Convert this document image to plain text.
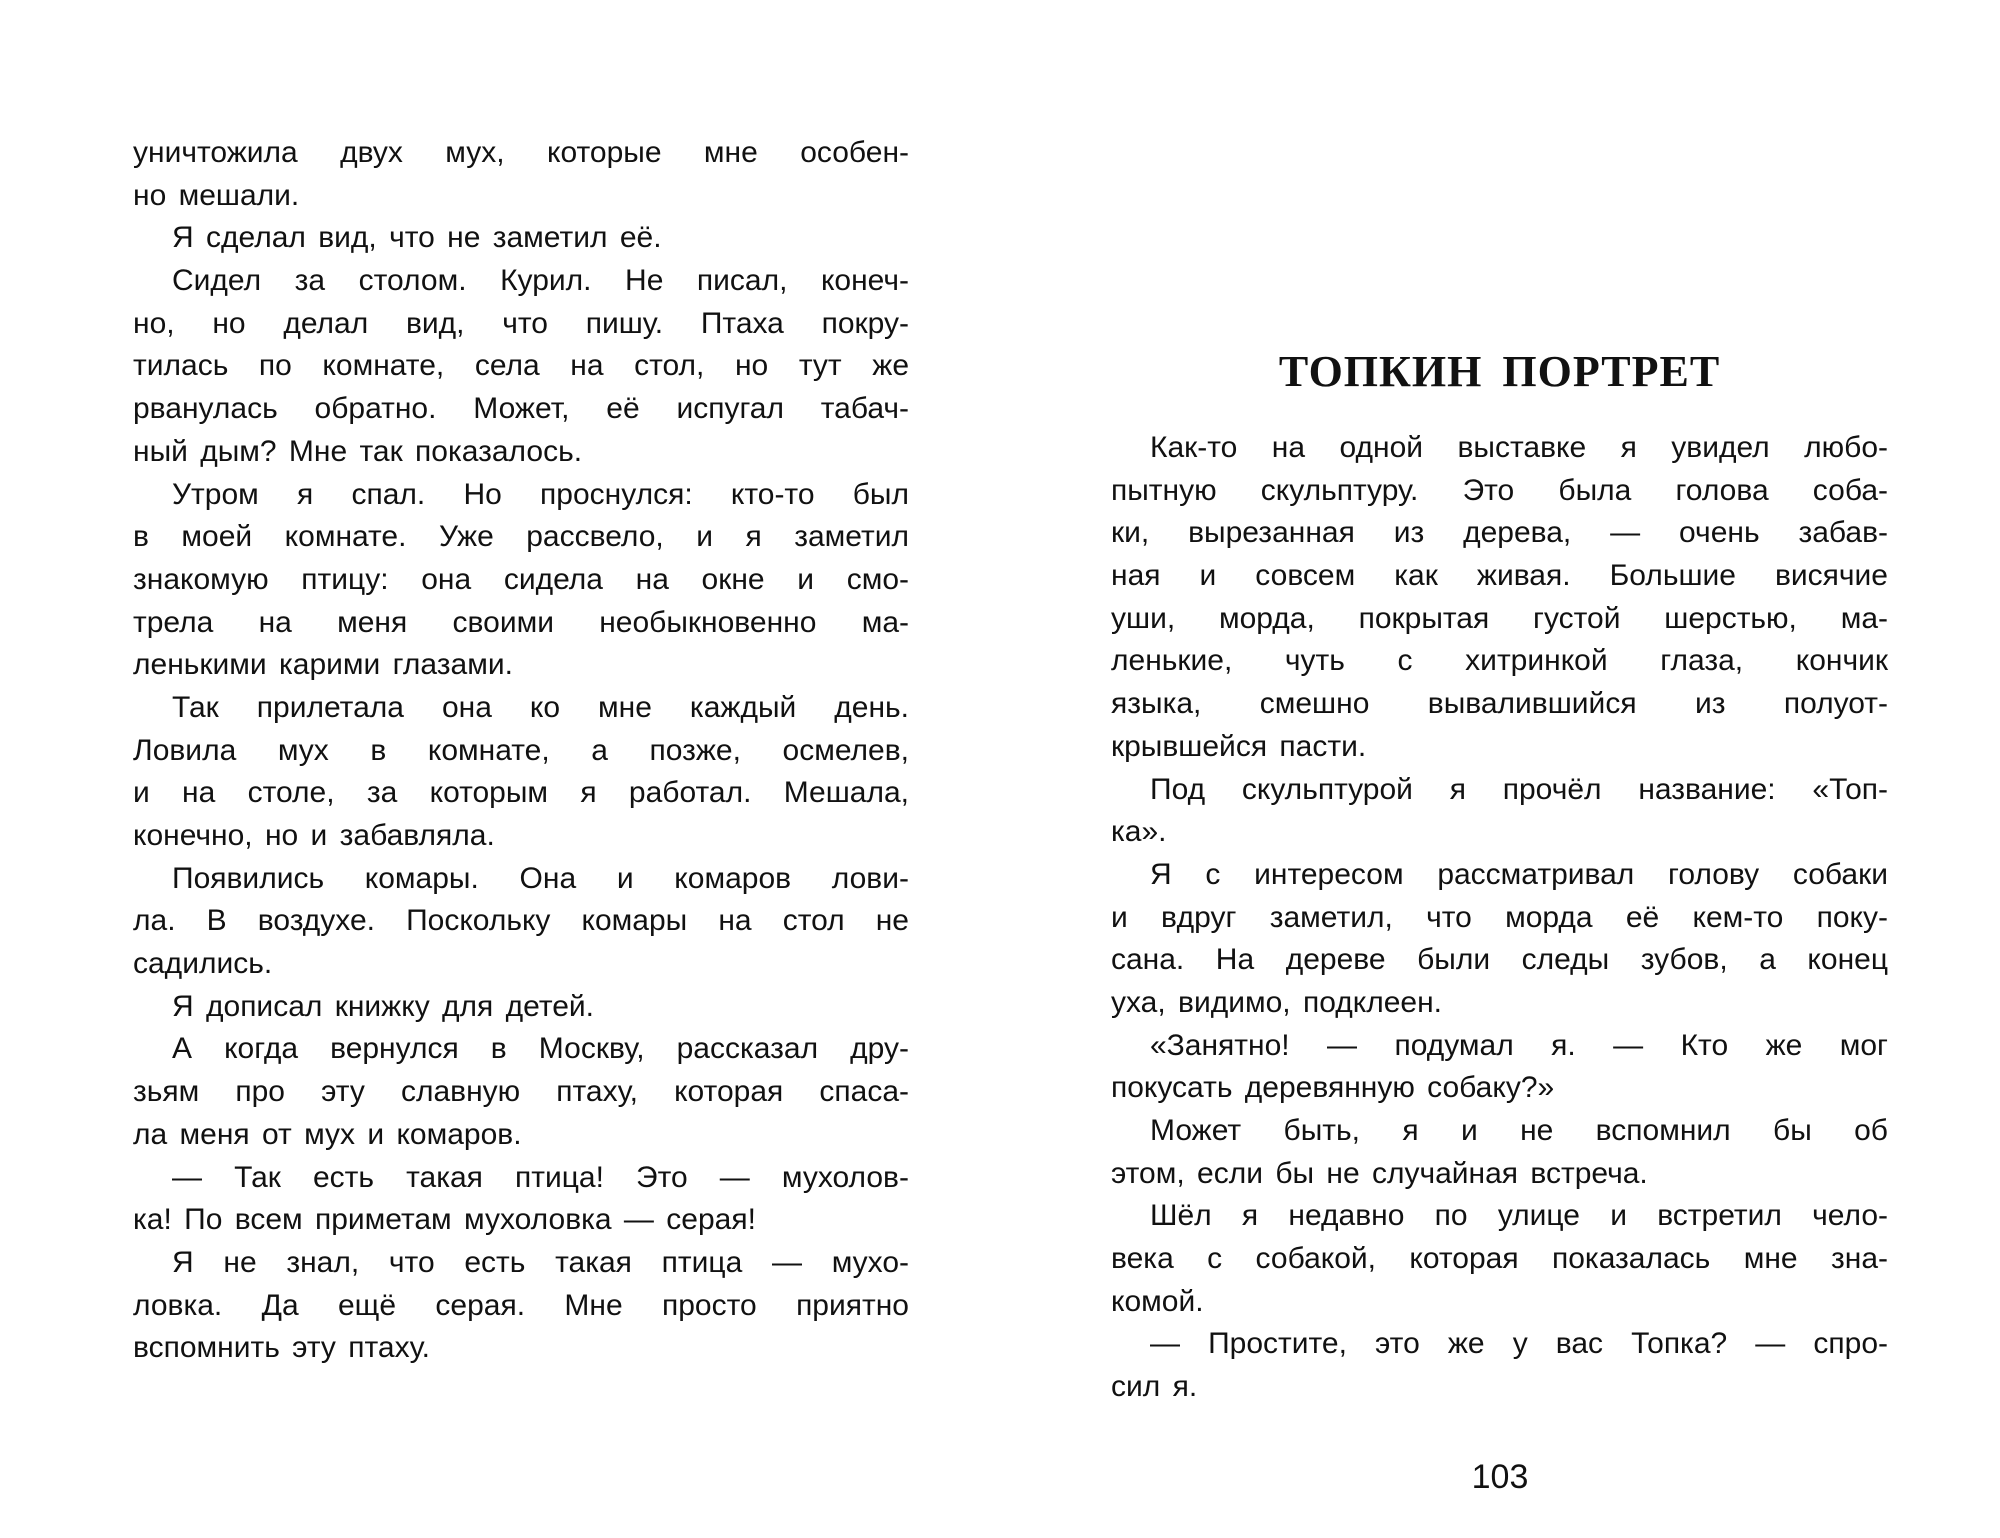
уничтожила двух мух, которые мне особен-
но мешали.
Я сделал вид, что не заметил её.
Сидел за столом. Курил. Не писал, конеч-
но, но делал вид, что пишу. Птаха покру-
тилась по комнате, села на стол, но тут же
рванулась обратно. Может, её испугал табач-
ный дым? Мне так показалось.
Утром я спал. Но проснулся: кто-то был
в моей комнате. Уже рассвело, и я заметил
знакомую птицу: она сидела на окне и смо-
трела на меня своими необыкновенно ма-
ленькими карими глазами.
Так прилетала она ко мне каждый день.
Ловила мух в комнате, а позже, осмелев,
и на столе, за которым я работал. Мешала,
конечно, но и забавляла.
Появились комары. Она и комаров лови-
ла. В воздухе. Поскольку комары на стол не
садились.
Я дописал книжку для детей.
А когда вернулся в Москву, рассказал дру-
зьям про эту славную птаху, которая спаса-
ла меня от мух и комаров.
— Так есть такая птица! Это — мухолов-
ка! По всем приметам мухоловка — серая!
Я не знал, что есть такая птица — мухо-
ловка. Да ещё серая. Мне просто приятно
вспомнить эту птаху.
ТОПКИН ПОРТРЕТ
Как-то на одной выставке я увидел любо-
пытную скульптуру. Это была голова соба-
ки, вырезанная из дерева, — очень забав-
ная и совсем как живая. Большие висячие
уши, морда, покрытая густой шерстью, ма-
ленькие, чуть с хитринкой глаза, кончик
языка, смешно вывалившийся из полуот-
крывшейся пасти.
Под скульптурой я прочёл название: «Топ-
ка».
Я с интересом рассматривал голову собаки
и вдруг заметил, что морда её кем-то поку-
сана. На дереве были следы зубов, а конец
уха, видимо, подклеен.
«Занятно! — подумал я. — Кто же мог
покусать деревянную собаку?»
Может быть, я и не вспомнил бы об
этом, если бы не случайная встреча.
Шёл я недавно по улице и встретил чело-
века с собакой, которая показалась мне зна-
комой.
— Простите, это же у вас Топка? — спро-
сил я.
103
